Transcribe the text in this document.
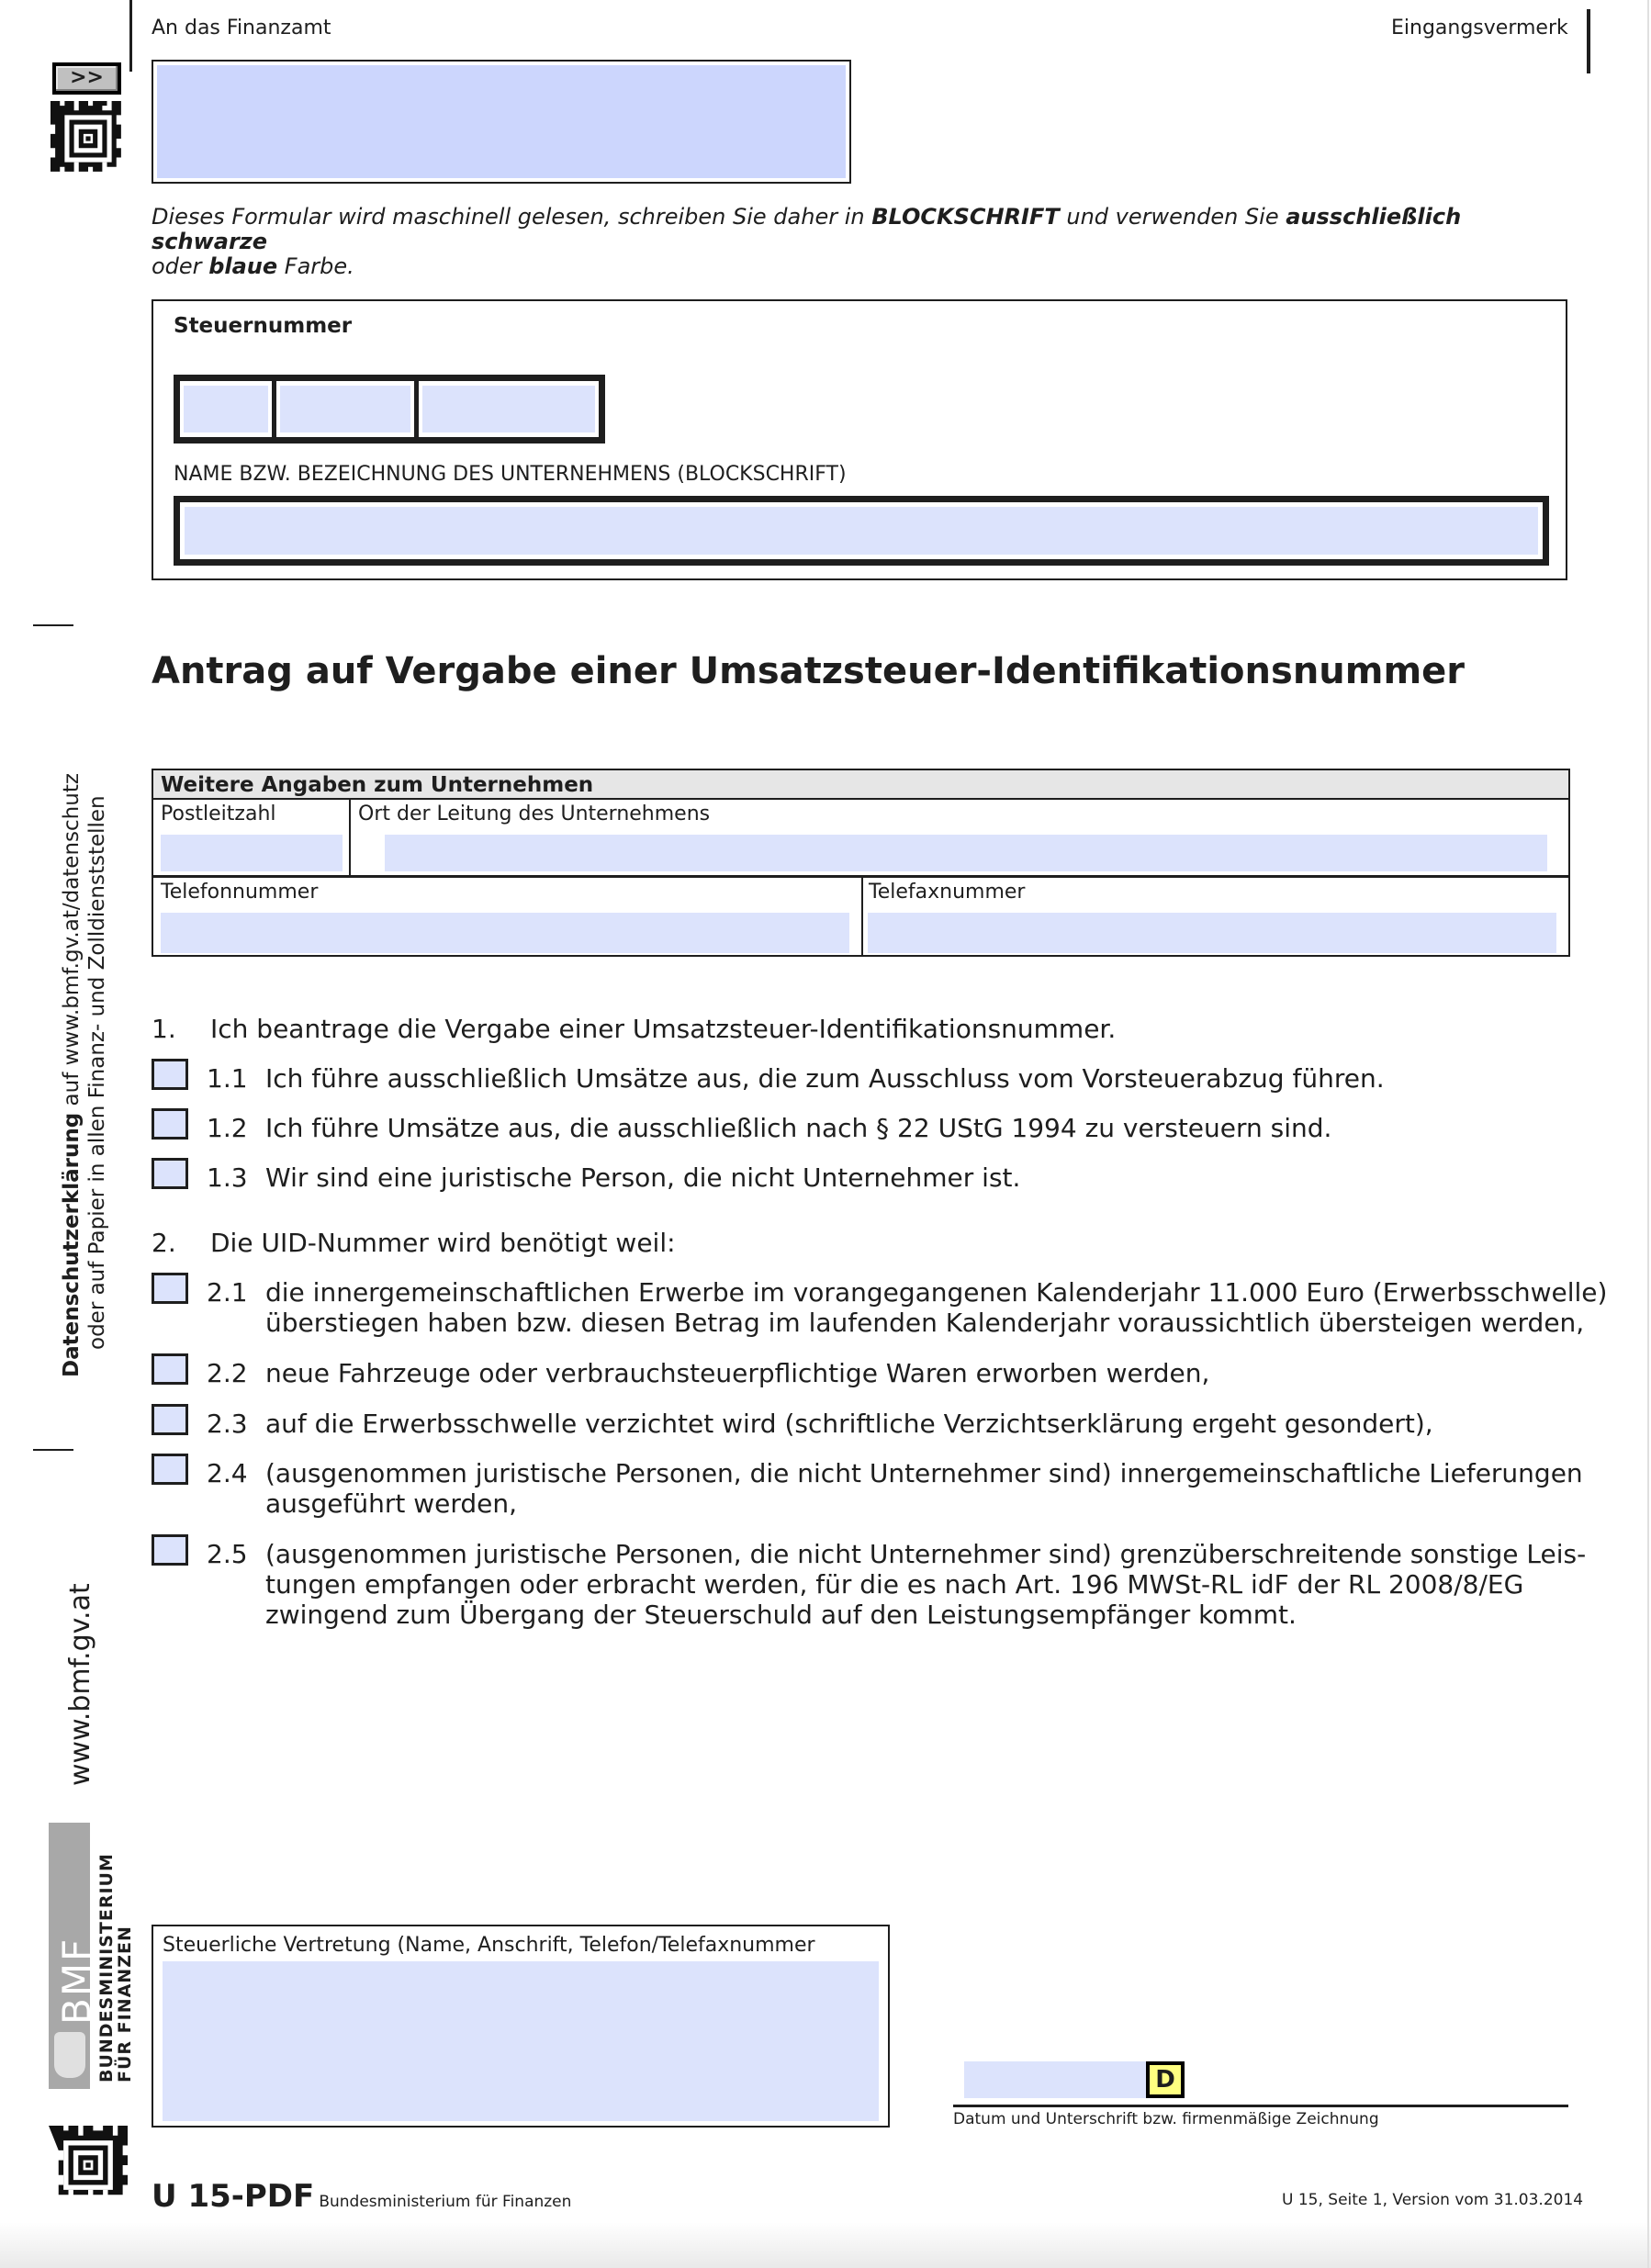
>>
An das Finanzamt	Eingangsvermerk
Dieses Formular wird maschinell gelesen, schreiben Sie daher in BLOCKSCHRIFT und verwenden Sie ausschließlich schwarze
oder blaue Farbe.
Steuernummer
NAME BZW. BEZEICHNUNG DES UNTERNEHMENS (BLOCKSCHRIFT)
Antrag auf Vergabe einer Umsatzsteuer-Identifikationsnummer
Weitere Angaben zum Unternehmen
Postleitzahl	Ort der Leitung des Unternehmens
Telefonnummer	Telefaxnummer
1. Ich beantrage die Vergabe einer Umsatzsteuer-Identifikationsnummer.
1.1 Ich führe ausschließlich Umsätze aus, die zum Ausschluss vom Vorsteuerabzug führen.
1.2 Ich führe Umsätze aus, die ausschließlich nach § 22 UStG 1994 zu versteuern sind.
1.3 Wir sind eine juristische Person, die nicht Unternehmer ist.
2. Die UID-Nummer wird benötigt weil:
2.1 die innergemeinschaftlichen Erwerbe im vorangegangenen Kalenderjahr 11.000 Euro (Erwerbsschwelle)
überstiegen haben bzw. diesen Betrag im laufenden Kalenderjahr voraussichtlich übersteigen werden,
2.2 neue Fahrzeuge oder verbrauchsteuerpflichtige Waren erworben werden,
2.3 auf die Erwerbsschwelle verzichtet wird (schriftliche Verzichtserklärung ergeht gesondert),
2.4 (ausgenommen juristische Personen, die nicht Unternehmer sind) innergemeinschaftliche Lieferungen
ausgeführt werden,
2.5 (ausgenommen juristische Personen, die nicht Unternehmer sind) grenzüberschreitende sonstige Leis-
tungen empfangen oder erbracht werden, für die es nach Art. 196 MWSt-RL idF der RL 2008/8/EG
zwingend zum Übergang der Steuerschuld auf den Leistungsempfänger kommt.
Datenschutzerklärung auf www.bmf.gv.at/datenschutz oder auf Papier in allen Finanz- und Zolldienststellen
www.bmf.gv.at
BMF
BUNDESMINISTERIUM
FÜR FINANZEN Steuerliche Vertretung (Name, Anschrift, Telefon/Telefaxnummer
D
Datum und Unterschrift bzw. firmenmäßige Zeichnung
U 15-PDF Bundesministerium für Finanzen	U 15, Seite 1, Version vom 31.03.2014
